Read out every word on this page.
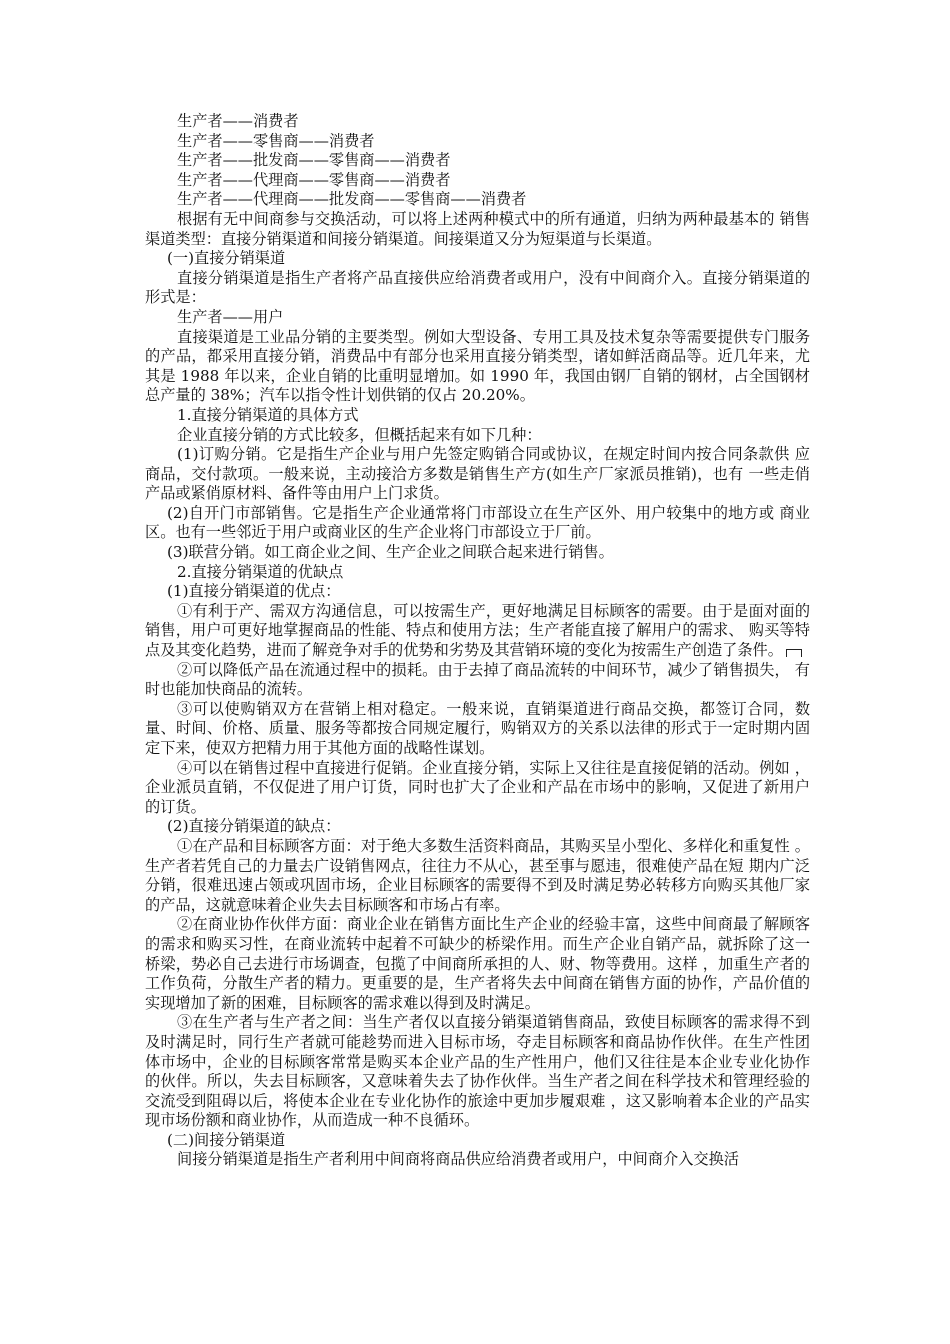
生产者——消费者

生产者——零售商——消费者

生产者——批发商——零售商——消费者

生产者——代理商——零售商——消费者

生产者——代理商——批发商——零售商——消费者

根据有无中间商参与交换活动，可以将上述两种模式中的所有通道，归纳为两种最基本的 销售渠道类型：直接分销渠道和间接分销渠道。间接渠道又分为短渠道与长渠道。

(一)直接分销渠道

直接分销渠道是指生产者将产品直接供应给消费者或用户，没有中间商介入。直接分销渠道的形式是：

生产者——用户

直接渠道是工业品分销的主要类型。例如大型设备、专用工具及技术复杂等需要提供专门服务的产品，都采用直接分销，消费品中有部分也采用直接分销类型，诸如鲜活商品等。近几年来，尤其是 1988 年以来，企业自销的比重明显增加。如 1990 年，我国由钢厂自销的钢材，占全国钢材总产量的 38%；汽车以指令性计划供销的仅占 20.20%。

1.直接分销渠道的具体方式

企业直接分销的方式比较多，但概括起来有如下几种：

(1)订购分销。它是指生产企业与用户先签定购销合同或协议，在规定时间内按合同条款供 应商品，交付款项。一般来说，主动接洽方多数是销售生产方(如生产厂家派员推销)，也有 一些走俏产品或紧俏原材料、备件等由用户上门求货。

(2)自开门市部销售。它是指生产企业通常将门市部设立在生产区外、用户较集中的地方或 商业区。也有一些邻近于用户或商业区的生产企业将门市部设立于厂前。

(3)联营分销。如工商企业之间、生产企业之间联合起来进行销售。

2.直接分销渠道的优缺点

(1)直接分销渠道的优点：

①有利于产、需双方沟通信息，可以按需生产，更好地满足目标顾客的需要。由于是面对面的销售，用户可更好地掌握商品的性能、特点和使用方法；生产者能直接了解用户的需求、 购买等特点及其变化趋势，进而了解竞争对手的优势和劣势及其营销环境的变化为按需生产创造了条件。

②可以降低产品在流通过程中的损耗。由于去掉了商品流转的中间环节，减少了销售损失， 有时也能加快商品的流转。

③可以使购销双方在营销上相对稳定。一般来说，直销渠道进行商品交换，都签订合同，数量、时间、价格、质量、服务等都按合同规定履行，购销双方的关系以法律的形式于一定时期内固定下来，使双方把精力用于其他方面的战略性谋划。

④可以在销售过程中直接进行促销。企业直接分销，实际上又往往是直接促销的活动。例如 ，企业派员直销，不仅促进了用户订货，同时也扩大了企业和产品在市场中的影响，又促进了新用户的订货。

(2)直接分销渠道的缺点：

①在产品和目标顾客方面：对于绝大多数生活资料商品，其购买呈小型化、多样化和重复性 。生产者若凭自己的力量去广设销售网点，往往力不从心，甚至事与愿违，很难使产品在短 期内广泛分销，很难迅速占领或巩固市场，企业目标顾客的需要得不到及时满足势必转移方向购买其他厂家的产品，这就意味着企业失去目标顾客和市场占有率。

②在商业协作伙伴方面：商业企业在销售方面比生产企业的经验丰富，这些中间商最了解顾客的需求和购买习性，在商业流转中起着不可缺少的桥梁作用。而生产企业自销产品，就拆除了这一桥梁，势必自己去进行市场调查，包揽了中间商所承担的人、财、物等费用。这样 ，加重生产者的工作负荷，分散生产者的精力。更重要的是，生产者将失去中间商在销售方面的协作，产品价值的实现增加了新的困难，目标顾客的需求难以得到及时满足。

③在生产者与生产者之间：当生产者仅以直接分销渠道销售商品，致使目标顾客的需求得不到及时满足时，同行生产者就可能趁势而进入目标市场，夺走目标顾客和商品协作伙伴。在生产性团体市场中，企业的目标顾客常常是购买本企业产品的生产性用户，他们又往往是本企业专业化协作的伙伴。所以，失去目标顾客，又意味着失去了协作伙伴。当生产者之间在科学技术和管理经验的交流受到阻碍以后，将使本企业在专业化协作的旅途中更加步履艰难 ，这又影响着本企业的产品实现市场份额和商业协作，从而造成一种不良循环。

(二)间接分销渠道

间接分销渠道是指生产者利用中间商将商品供应给消费者或用户，中间商介入交换活
